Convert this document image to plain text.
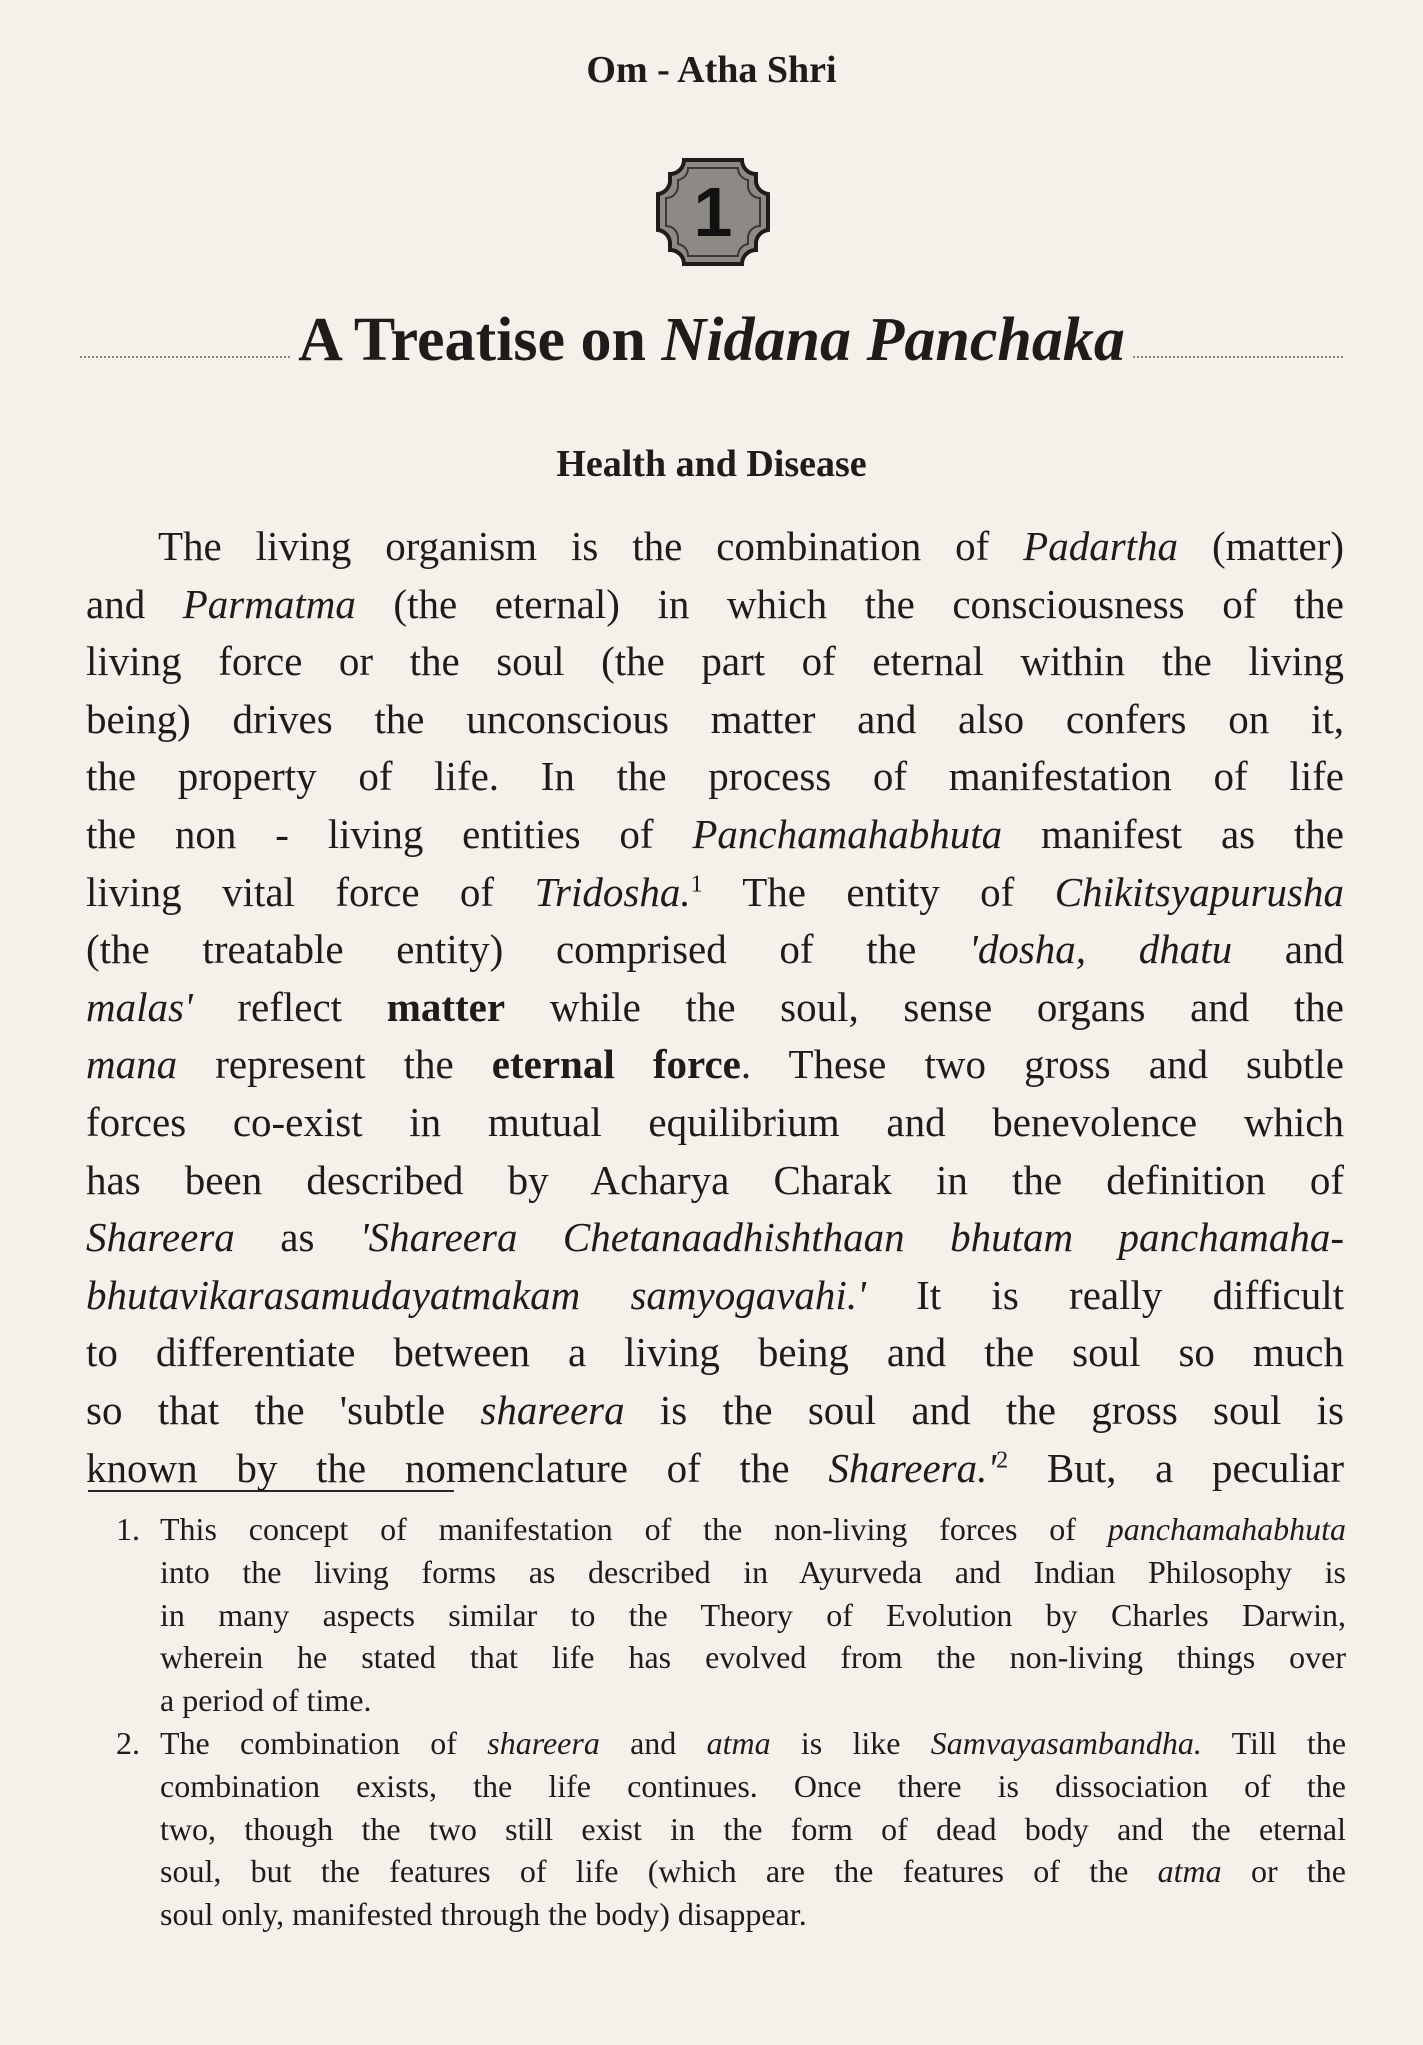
Om - Atha Shri
1
A Treatise on Nidana Panchaka
Health and Disease
The living organism is the combination of Padartha (matter)
and Parmatma (the eternal) in which the consciousness of the
living force or the soul (the part of eternal within the living
being) drives the unconscious matter and also confers on it,
the property of life. In the process of manifestation of life
the non - living entities of Panchamahabhuta manifest as the
living vital force of Tridosha.$^1$ The entity of Chikitsyapurusha
(the treatable entity) comprised of the 'dosha, dhatu and
malas' reflect matter while the soul, sense organs and the
mana represent the eternal force. These two gross and subtle
forces co-exist in mutual equilibrium and benevolence which
has been described by Acharya Charak in the definition of
Shareera as 'Shareera Chetanaadhishthaan bhutam panchamaha-
bhutavikarasamudayatmakam samyogavahi.' It is really difficult
to differentiate between a living being and the soul so much
so that the 'subtle shareera is the soul and the gross soul is
known by the nomenclature of the $Shareera.'^2$ But, a peculiar
1. This concept of manifestation of the non-living forces of panchamahabhuta
into the living forms as described in Ayurveda and Indian Philosophy is
in many aspects similar to the Theory of Evolution by Charles Darwin,
wherein he stated that life has evolved from the non-living things over
a period of time.
2. The combination of shareera and atma is like Samvayasambandha. Till the
combination exists, the life continues. Once there is dissociation of the
two, though the two still exist in the form of dead body and the eternal
soul, but the features of life (which are the features of the atma or the
soul only, manifested through the body) disappear.
